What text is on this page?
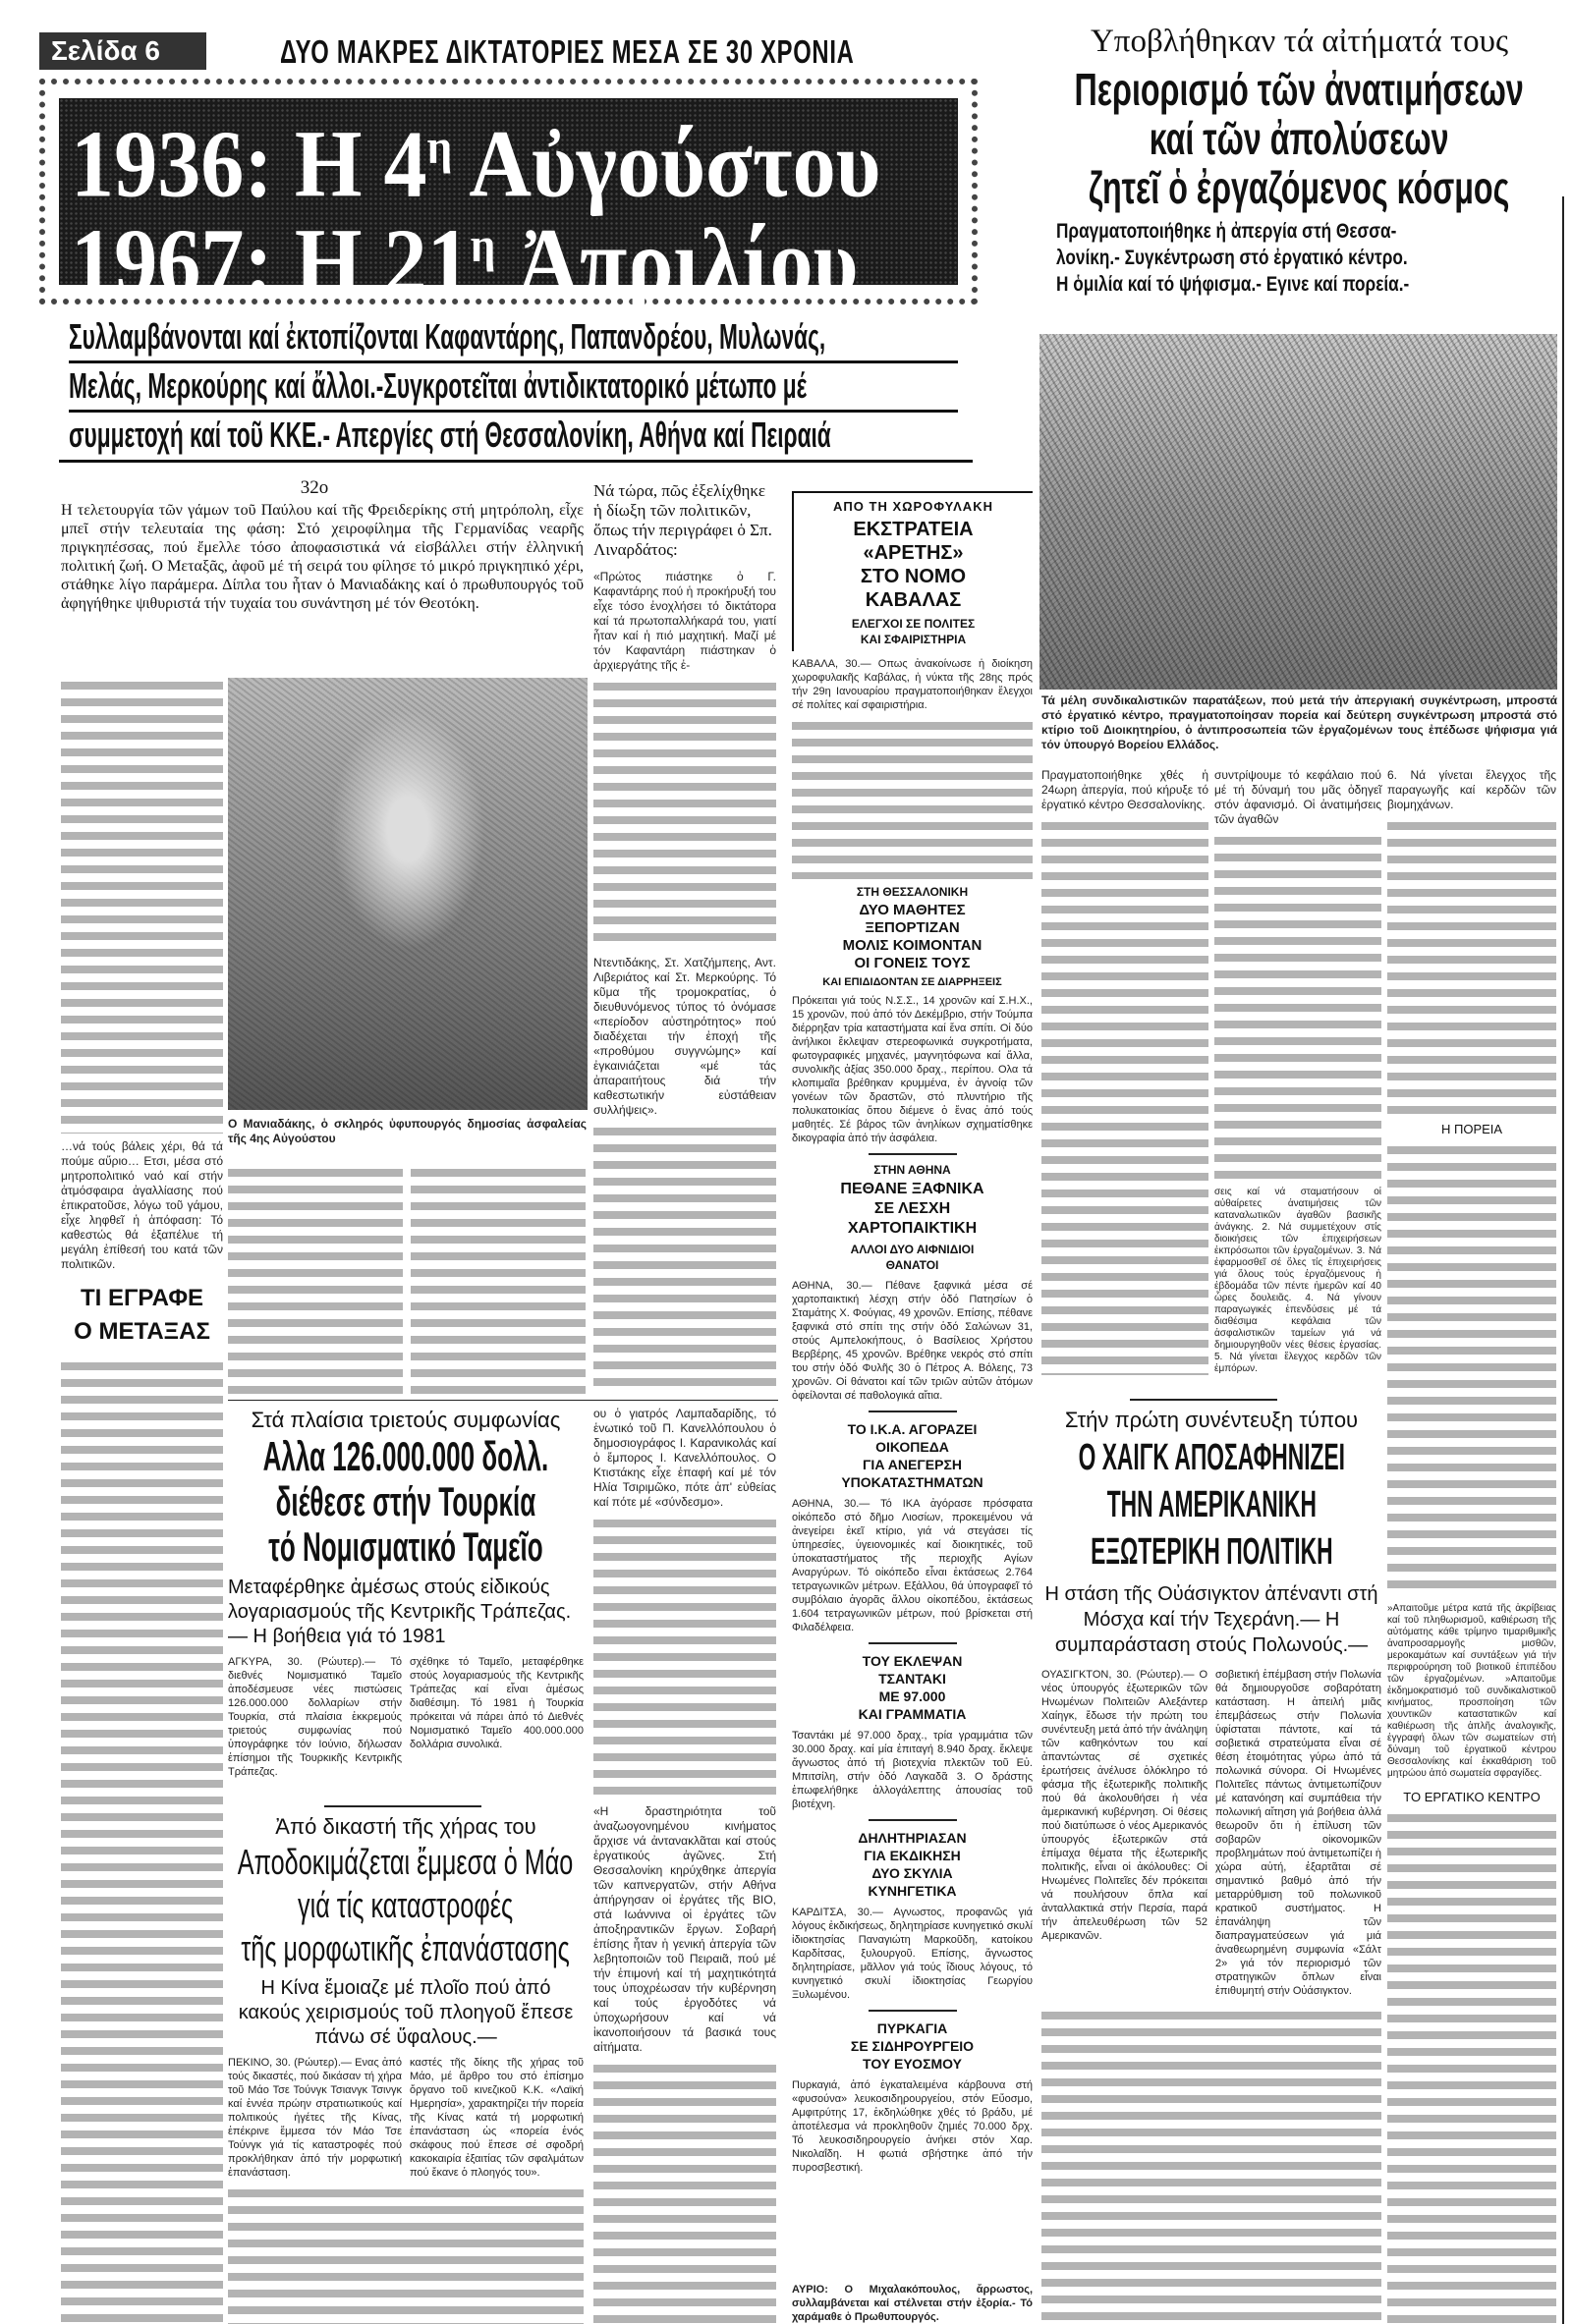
Σελίδα 6	ΔΥΟ ΜΑΚΡΕΣ ΔΙΚΤΑΤΟΡΙΕΣ ΜΕΣΑ ΣΕ 30 ΧΡΟΝΙΑ
1936: Η $4^\eta$ Αὐγούστου
1967: Η $21^\eta$ Ἀπριλίου
Συλλαμβάνονται καί ἐκτοπίζονται Καφαντάρης, Παπανδρέου, Μυλωνάς,
Μελάς, Μερκούρης καί ἄλλοι.-Συγκροτεῖται ἀντιδικτατορικό μέτωπο μέ
συμμετοχή καί τοῦ ΚΚΕ.- Απεργίες στή Θεσσαλονίκη, Αθήνα καί Πειραιά
32ο
Η τελετουργία τῶν γάμων τοῦ Παύλου καί τῆς Φρειδερίκης στή μητρόπολη, εἶχε μπεῖ στήν τελευταία της φάση: Στό χειροφίλημα τῆς Γερμανίδας νεαρῆς πριγκηπέσσας, πού ἔμελλε τόσο ἀποφασιστικά νά εἰσβάλλει στήν ἑλληνική πολιτική ζωή. Ο Μεταξᾶς, ἀφοῦ μέ τή σειρά του φίλησε τό μικρό πριγκηπικό χέρι, στάθηκε λίγο παράμερα. Δίπλα του ἦταν ὁ Μανιαδάκης καί ὁ πρωθυπουργός τοῦ ἀφηγήθηκε ψιθυριστά τήν τυχαία του συνάντηση μέ τόν Θεοτόκη.
Νά τώρα, πῶς ἐξελίχθηκε ἡ δίωξη τῶν πολιτικῶν, ὅπως τήν περιγράφει ὁ Σπ. Λιναρδάτος:
«Πρώτος πιάστηκε ὁ Γ. Καφαντάρης πού ἡ προκήρυξή του εἶχε τόσο ἐνοχλήσει τό δικτάτορα καί τά πρωτοπαλλήκαρά του, γιατί ἦταν καί ἡ πιό μαχητική. Μαζί μέ τόν Καφαντάρη πιάστηκαν ὁ ἀρχιεργάτης τῆς ἐ-
Ντεντιδάκης, Στ. Χατζήμπεης, Αντ. Λιβεριάτος καί Στ. Μερκούρης. Τό κῦμα τῆς τρομοκρατίας, ὁ διευθυνόμενος τύπος τό ὀνόμασε «περίοδον αὐστηρότητος» πού διαδέχεται τήν ἐποχή τῆς «προθύμου συγγνώμης» καί ἐγκαινιάζεται «μέ τάς ἀπαραιτήτους διά τήν καθεστωτικήν εὐστάθειαν συλλήψεις».
…νά τούς βάλεις χέρι, θά τά πούμε αὔριο… Ετσι, μέσα στό μητροπολιτικό ναό καί στήν ἀτμόσφαιρα ἀγαλλίασης πού ἐπικρατοῦσε, λόγω τοῦ γάμου, εἶχε ληφθεῖ ἡ ἀπόφαση: Τό καθεστώς θά ἐξαπέλυε τή μεγάλη ἐπίθεσή του κατά τῶν πολιτικῶν.
ΤΙ ΕΓΡΑΦΕ
Ο ΜΕΤΑΞΑΣ
Ο Μανιαδάκης, ὁ σκληρός ὑφυπουργός δημοσίας ἀσφαλείας τῆς 4ης Αὐγούστου
Στά πλαίσια τριετούς συμφωνίας
Αλλα 126.000.000 δολλ.
διέθεσε στήν Τουρκία
τό Νομισματικό Ταμεῖο
Μεταφέρθηκε ἀμέσως στούς εἰδικούς λογαριασμούς τῆς Κεντρικῆς Τράπεζας.— Η βοήθεια γιά τό 1981
ΑΓΚΥΡΑ, 30. (Ρώυτερ).— Τό διεθνές Νομισματικό Ταμεῖο ἀποδέσμευσε νέες πιστώσεις 126.000.000 δολλαρίων στήν Τουρκία, στά πλαίσια ἐκκρεμούς τριετούς συμφωνίας πού ὑπογράφηκε τόν Ιούνιο, δήλωσαν ἐπίσημοι τῆς Τουρκικῆς Κεντρικῆς Τράπεζας.
σχέθηκε τό Ταμεῖο, μεταφέρθηκε στούς λογαριασμούς τῆς Κεντρικῆς Τράπεζας καί εἶναι ἀμέσως διαθέσιμη. Τό 1981 ἡ Τουρκία πρόκειται νά πάρει ἀπό τό Διεθνές Νομισματικό Ταμεῖο 400.000.000 δολλάρια συνολικά.
Ἀπό δικαστή τῆς χήρας του
Αποδοκιμάζεται ἔμμεσα ὁ Μάο
γιά τίς καταστροφές
τῆς μορφωτικῆς ἐπανάστασης
Η Κίνα ἔμοιαζε μέ πλοῖο πού ἀπό κακούς χειρισμούς τοῦ πλοηγοῦ ἔπεσε πάνω σέ ὕφαλους.—
ΠΕΚΙΝΟ, 30. (Ρώυτερ).— Ενας ἀπό τούς δικαστές, πού δικάσαν τή χήρα τοῦ Μάο Τσε Τούνγκ Τσιανγκ Τσινγκ καί ἐννέα πρώην στρατιωτικούς καί πολιτικούς ἡγέτες τῆς Κίνας, ἐπέκρινε ἔμμεσα τόν Μάο Τσε Τούνγκ γιά τίς καταστροφές πού προκλήθηκαν ἀπό τήν μορφωτική ἐπανάσταση.
καστές τῆς δίκης τῆς χήρας τοῦ Μάο, μέ ἄρθρο του στό ἐπίσημο ὄργανο τοῦ κινεζικοῦ Κ.Κ. «Λαϊκή Ημερησία», χαρακτηρίζει τήν πορεία τῆς Κίνας κατά τή μορφωτική ἐπανάσταση ὡς «πορεία ἑνός σκάφους πού ἔπεσε σέ σφοδρή κακοκαιρία ἐξαιτίας τῶν σφαλμάτων πού ἔκανε ὁ πλοηγός του».
ου ὁ γιατρός Λαμπαδαρίδης, τό ἑνωτικό τοῦ Π. Κανελλόπουλου ὁ δημοσιογράφος Ι. Καρανικολάς καί ὁ ἔμπορος Ι. Κανελλόπουλος. Ο Κτιστάκης εἶχε ἐπαφή καί μέ τόν Ηλία Τσιριμῶκο, πότε ἀπ' εὐθείας καί πότε μέ «σύνδεσμο».
«Η δραστηριότητα τοῦ ἀναζωογονημένου κινήματος ἄρχισε νά ἀντανακλᾶται καί στούς ἐργατικούς ἀγῶνες. Στή Θεσσαλονίκη κηρύχθηκε ἀπεργία τῶν καπνεργατῶν, στήν Αθήνα ἀπήργησαν οἱ ἐργάτες τῆς ΒΙΟ, στά Ιωάννινα οἱ ἐργάτες τῶν ἀποξηραντικῶν ἔργων. Σοβαρή ἐπίσης ἦταν ἡ γενική ἀπεργία τῶν λεβητοποιῶν τοῦ Πειραιᾶ, πού μέ τήν ἐπιμονή καί τή μαχητικότητά τους ὑποχρέωσαν τήν κυβέρνηση καί τούς ἐργοδότες νά ὑποχωρήσουν καί νά ἱκανοποιήσουν τά βασικά τους αἰτήματα.
ΑΠΟ ΤΗ ΧΩΡΟΦΥΛΑΚΗ
ΕΚΣΤΡΑΤΕΙΑ
«ΑΡΕΤΗΣ»
ΣΤΟ ΝΟΜΟ
ΚΑΒΑΛΑΣ
ΕΛΕΓΧΟΙ ΣΕ ΠΟΛΙΤΕΣ
ΚΑΙ ΣΦΑΙΡΙΣΤΗΡΙΑ
ΚΑΒΑΛΑ, 30.— Οπως ἀνακοίνωσε ἡ διοίκηση χωροφυλακῆς Καβάλας, ἡ νύκτα τῆς 28ης πρός τήν 29η Ιανουαρίου πραγματοποιήθηκαν ἔλεγχοι σέ πολίτες καί σφαιριστήρια.
ΣΤΗ ΘΕΣΣΑΛΟΝΙΚΗ
ΔΥΟ ΜΑΘΗΤΕΣ
ΞΕΠΟΡΤΙΖΑΝ
ΜΟΛΙΣ ΚΟΙΜΟΝΤΑΝ
ΟΙ ΓΟΝΕΙΣ ΤΟΥΣ
ΚΑΙ ΕΠΙΔΙΔΟΝΤΑΝ ΣΕ ΔΙΑΡΡΗΞΕΙΣ
Πρόκειται γιά τούς Ν.Σ.Σ., 14 χρονῶν καί Σ.Η.Χ., 15 χρονῶν, πού ἀπό τόν Δεκέμβριο, στήν Τούμπα διέρρηξαν τρία καταστήματα καί ἕνα σπίτι. Οἱ δύο ἀνήλικοι ἔκλεψαν στερεοφωνικά συγκροτήματα, φωτογραφικές μηχανές, μαγνητόφωνα καί ἄλλα, συνολικῆς ἀξίας 350.000 δραχ., περίπου. Ολα τά κλοπιμαῖα βρέθηκαν κρυμμένα, ἐν ἀγνοίᾳ τῶν γονέων τῶν δραστῶν, στό πλυντήριο τῆς πολυκατοικίας ὅπου διέμενε ὁ ἕνας ἀπό τούς μαθητές. Σέ βάρος τῶν ἀνηλίκων σχηματίσθηκε δικογραφία ἀπό τήν ἀσφάλεια.
ΣΤΗΝ ΑΘΗΝΑ
ΠΕΘΑΝΕ ΞΑΦΝΙΚΑ
ΣΕ ΛΕΣΧΗ
ΧΑΡΤΟΠΑΙΚΤΙΚΗ
ΑΛΛΟΙ ΔΥΟ ΑΙΦΝΙΔΙΟΙ
ΘΑΝΑΤΟΙ
ΑΘΗΝΑ, 30.— Πέθανε ξαφνικά μέσα σέ χαρτοπαικτική λέσχη στήν ὁδό Πατησίων ὁ Σταμάτης Χ. Φούγιας, 49 χρονῶν. Επίσης, πέθανε ξαφνικά στό σπίτι της στήν ὁδό Σαλώνων 31, στούς Αμπελοκήπους, ὁ Βασίλειος Χρήστου Βερβέρης, 45 χρονῶν. Βρέθηκε νεκρός στό σπίτι του στήν ὁδό Φυλῆς 30 ὁ Πέτρος Α. Βόλεης, 73 χρονῶν. Οἱ θάνατοι καί τῶν τριῶν αὐτῶν ἀτόμων ὀφείλονται σέ παθολογικά αἴτια.
ΤΟ Ι.Κ.Α. ΑΓΟΡΑΖΕΙ
ΟΙΚΟΠΕΔΑ
ΓΙΑ ΑΝΕΓΕΡΣΗ
ΥΠΟΚΑΤΑΣΤΗΜΑΤΩΝ
ΑΘΗΝΑ, 30.— Τό ΙΚΑ ἀγόρασε πρόσφατα οἰκόπεδο στό δῆμο Λιοσίων, προκειμένου νά ἀνεγείρει ἐκεῖ κτίριο, γιά νά στεγάσει τίς ὑπηρεσίες, ὑγειονομικές καί διοικητικές, τοῦ ὑποκαταστήματος τῆς περιοχῆς Αγίων Αναργύρων. Τό οἰκόπεδο εἶναι ἐκτάσεως 2.764 τετραγωνικῶν μέτρων. Εξάλλου, θά ὑπογραφεῖ τό συμβόλαιο ἀγορᾶς ἄλλου οἰκοπέδου, ἐκτάσεως 1.604 τετραγωνικῶν μέτρων, πού βρίσκεται στή Φιλαδέλφεια.
ΤΟΥ ΕΚΛΕΨΑΝ
ΤΣΑΝΤΑΚΙ
ΜΕ 97.000
ΚΑΙ ΓΡΑΜΜΑΤΙΑ
Τσαντάκι μέ 97.000 δραχ., τρία γραμμάτια τῶν 30.000 δραχ. καί μία ἐπιταγή 8.940 δραχ. ἔκλεψε ἄγνωστος ἀπό τή βιοτεχνία πλεκτῶν τοῦ Εὐ. Μπιτσίλη, στήν ὁδό Λαγκαδᾶ 3. Ο δράστης ἐπωφελήθηκε ἀλλογάλεπτης ἀπουσίας τοῦ βιοτέχνη.
ΔΗΛΗΤΗΡΙΑΣΑΝ
ΓΙΑ ΕΚΔΙΚΗΣΗ
ΔΥΟ ΣΚΥΛΙΑ
ΚΥΝΗΓΕΤΙΚΑ
ΚΑΡΔΙΤΣΑ, 30.— Αγνωστος, προφανῶς γιά λόγους ἐκδικήσεως, δηλητηρίασε κυνηγετικό σκυλί ἰδιοκτησίας Παναγιώτη Μαρκοῦδη, κατοίκου Καρδίτσας, ξυλουργοῦ. Επίσης, ἄγνωστος δηλητηρίασε, μᾶλλον γιά τούς ἴδιους λόγους, τό κυνηγετικό σκυλί ἰδιοκτησίας Γεωργίου Ξυλωμένου.
ΠΥΡΚΑΓΙΑ
ΣΕ ΣΙΔΗΡΟΥΡΓΕΙΟ
ΤΟΥ ΕΥΟΣΜΟΥ
Πυρκαγιά, ἀπό ἐγκαταλειμένα κάρβουνα στή «φυσούνα» λευκοσιδηρουργείου, στόν Εὔοσμο, Αμφιτρύτης 17, ἐκδηλώθηκε χθές τό βράδυ, μέ ἀποτέλεσμα νά προκληθοῦν ζημιές 70.000 δρχ. Τό λευκοσιδηρουργείο ἀνήκει στόν Χαρ. Νικολαΐδη. Η φωτιά σβήστηκε ἀπό τήν πυροσβεστική.
ΑΥΡΙΟ: Ο Μιχαλακόπουλος, ἄρρωστος, συλλαμβάνεται καί στέλνεται στήν ἐξορία.- Τό χαράμαθε ὁ Πρωθυπουργός.
Υποβλήθηκαν τά αἰτήματά τους
Περιορισμό τῶν ἀνατιμήσεων
καί τῶν ἀπολύσεων
ζητεῖ ὁ ἐργαζόμενος κόσμος
Πραγματοποιήθηκε ἡ ἀπεργία στή Θεσσα-
λονίκη.- Συγκέντρωση στό ἐργατικό κέντρο.
Η ὁμιλία καί τό ψήφισμα.- Εγινε καί πορεία.-
Τά μέλη συνδικαλιστικῶν παρατάξεων, πού μετά τήν ἀπεργιακή συγκέντρωση, μπροστά στό ἐργατικό κέντρο, πραγματοποίησαν πορεία καί δεύτερη συγκέντρωση μπροστά στό κτίριο τοῦ Διοικητηρίου, ὁ ἀντιπροσωπεία τῶν ἐργαζομένων τους ἐπέδωσε ψήφισμα γιά τόν ὑπουργό Βορείου Ελλάδος.
Πραγματοποιήθηκε χθές ἡ 24ωρη ἀπεργία, πού κήρυξε τό ἐργατικό κέντρο Θεσσαλονίκης.
συντρίψουμε τό κεφάλαιο πού μέ τή δύναμή του μᾶς ὁδηγεῖ στόν ἀφανισμό. Οἱ ἀνατιμήσεις τῶν ἀγαθῶν
σεις καί νά σταματήσουν οἱ αὐθαίρετες ἀνατιμήσεις τῶν καταναλωτικῶν ἀγαθῶν βασικῆς ἀνάγκης. 2. Νά συμμετέχουν στίς διοικήσεις τῶν ἐπιχειρήσεων ἐκπρόσωποι τῶν ἐργαζομένων. 3. Νά ἐφαρμοσθεῖ σέ ὅλες τίς ἐπιχειρήσεις γιά ὅλους τούς ἐργαζόμενους ἡ ἑβδομάδα τῶν πέντε ἡμερῶν καί 40 ὧρες δουλειᾶς. 4. Νά γίνουν παραγωγικές ἐπενδύσεις μέ τά διαθέσιμα κεφάλαια τῶν ἀσφαλιστικῶν ταμείων γιά νά δημιουργηθοῦν νέες θέσεις ἐργασίας. 5. Νά γίνεται ἔλεγχος κερδῶν τῶν ἐμπόρων.
6. Νά γίνεται ἔλεγχος τῆς παραγωγῆς καί κερδῶν τῶν βιομηχάνων.
Η ΠΟΡΕΙΑ
»Απαιτοῦμε μέτρα κατά τῆς ἀκρίβειας καί τοῦ πληθωρισμοῦ, καθιέρωση τῆς αὐτόματης κάθε τρίμηνο τιμαριθμικῆς ἀναπροσαρμογῆς μισθῶν, μεροκαμάτων καί συντάξεων γιά τήν περιφρούρηση τοῦ βιοτικοῦ ἐπιπέδου τῶν ἐργαζομένων. »Απαιτοῦμε ἐκδημοκρατισμό τοῦ συνδικαλιστικοῦ κινήματος, προσποίηση τῶν χουντικῶν καταστατικῶν καί καθιέρωση τῆς ἁπλῆς ἀναλογικῆς, ἐγγραφή ὅλων τῶν σωματείων στή δύναμη τοῦ ἐργατικοῦ κέντρου Θεσσαλονίκης καί ἐκκαθάριση τοῦ μητρώου ἀπό σωματεία σφραγίδες.
ΤΟ ΕΡΓΑΤΙΚΟ ΚΕΝΤΡΟ
Στήν πρώτη συνέντευξη τύπου
Ο ΧΑΙΓΚ ΑΠΟΣΑΦΗΝΙΖΕΙ
ΤΗΝ ΑΜΕΡΙΚΑΝΙΚΗ
ΕΞΩΤΕΡΙΚΗ ΠΟΛΙΤΙΚΗ
Η στάση τῆς Οὐάσιγκτον ἀπέναντι στή Μόσχα καί τήν Τεχεράνη.— Η συμπαράσταση στούς Πολωνούς.—
ΟΥΑΣΙΓΚΤΟΝ, 30. (Ρώυτερ).— Ο νέος ὑπουργός ἐξωτερικῶν τῶν Ηνωμένων Πολιτειῶν Αλεξάντερ Χαίηγκ, ἔδωσε τήν πρώτη του συνέντευξη μετά ἀπό τήν ἀνάληψη τῶν καθηκόντων του καί ἀπαντώντας σέ σχετικές ἐρωτήσεις ἀνέλυσε ὁλόκληρο τό φάσμα τῆς ἐξωτερικῆς πολιτικῆς πού θά ἀκολουθήσει ἡ νέα ἀμερικανική κυβέρνηση. Οἱ θέσεις πού διατύπωσε ὁ νέος Αμερικανός ὑπουργός ἐξωτερικῶν στά ἐπίμαχα θέματα τῆς ἐξωτερικῆς πολιτικῆς, εἶναι οἱ ἀκόλουθες: Οἱ Ηνωμένες Πολιτεῖες δέν πρόκειται νά πουλήσουν ὅπλα καί ἀνταλλακτικά στήν Περσία, παρά τήν ἀπελευθέρωση τῶν 52 Αμερικανῶν.
σοβιετική ἐπέμβαση στήν Πολωνία θά δημιουργοῦσε σοβαρότατη κατάσταση. Η ἀπειλή μιᾶς ἐπεμβάσεως στήν Πολωνία ὑφίσταται πάντοτε, καί τά σοβιετικά στρατεύματα εἶναι σέ θέση ἑτοιμότητας γύρω ἀπό τά πολωνικά σύνορα. Οἱ Ηνωμένες Πολιτεῖες πάντως ἀντιμετωπίζουν μέ κατανόηση καί συμπάθεια τήν πολωνική αἴτηση γιά βοήθεια ἀλλά θεωροῦν ὅτι ἡ ἐπίλυση τῶν σοβαρῶν οἰκονομικῶν προβλημάτων πού ἀντιμετωπίζει ἡ χώρα αὐτή, ἐξαρτᾶται σέ σημαντικό βαθμό ἀπό τήν μεταρρύθμιση τοῦ πολωνικοῦ κρατικοῦ συστήματος. Η ἐπανάληψη τῶν διαπραγματεύσεων γιά μιά ἀναθεωρημένη συμφωνία «Σάλτ 2» γιά τόν περιορισμό τῶν στρατηγικῶν ὅπλων εἶναι ἐπιθυμητή στήν Οὐάσιγκτον.
